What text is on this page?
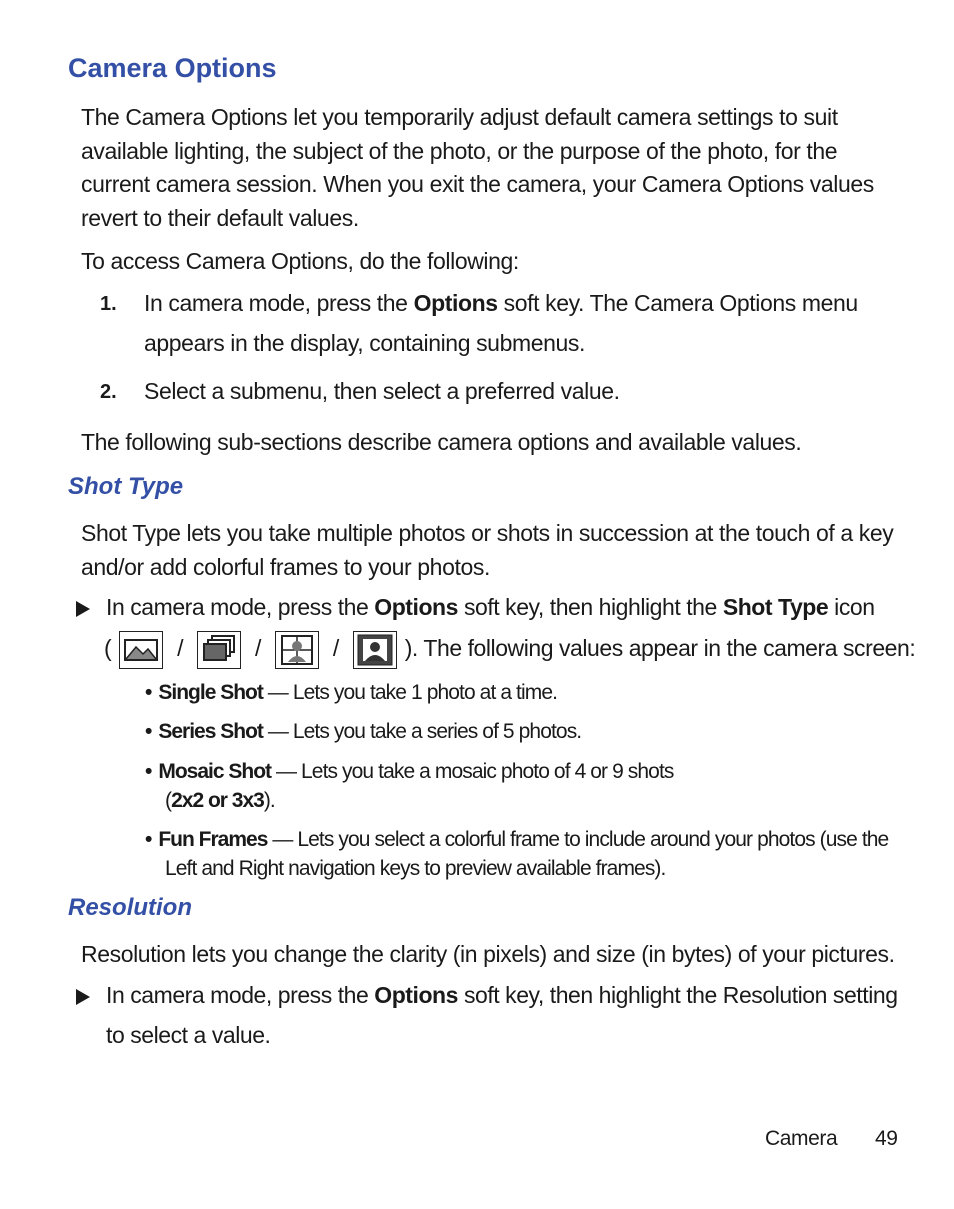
Camera Options

The Camera Options let you temporarily adjust default camera settings to suit available lighting, the subject of the photo, or the purpose of the photo, for the current camera session. When you exit the camera, your Camera Options values revert to their default values.

To access Camera Options, do the following:

1. In camera mode, press the Options soft key. The Camera Options menu appears in the display, containing submenus.

2. Select a submenu, then select a preferred value.

The following sub-sections describe camera options and available values.

Shot Type

Shot Type lets you take multiple photos or shots in succession at the touch of a key and/or add colorful frames to your photos.

In camera mode, press the Options soft key, then highlight the Shot Type icon

(	/	/	/	). The following values appear in the camera screen:

• Single Shot — Lets you take 1 photo at a time.

• Series Shot — Lets you take a series of 5 photos.

• Mosaic Shot — Lets you take a mosaic photo of 4 or 9 shots
(2x2 or 3x3).

• Fun Frames — Lets you select a colorful frame to include around your photos (use the
Left and Right navigation keys to preview available frames).

Resolution

Resolution lets you change the clarity (in pixels) and size (in bytes) of your pictures.

In camera mode, press the Options soft key, then highlight the Resolution setting to select a value.

Camera 49
